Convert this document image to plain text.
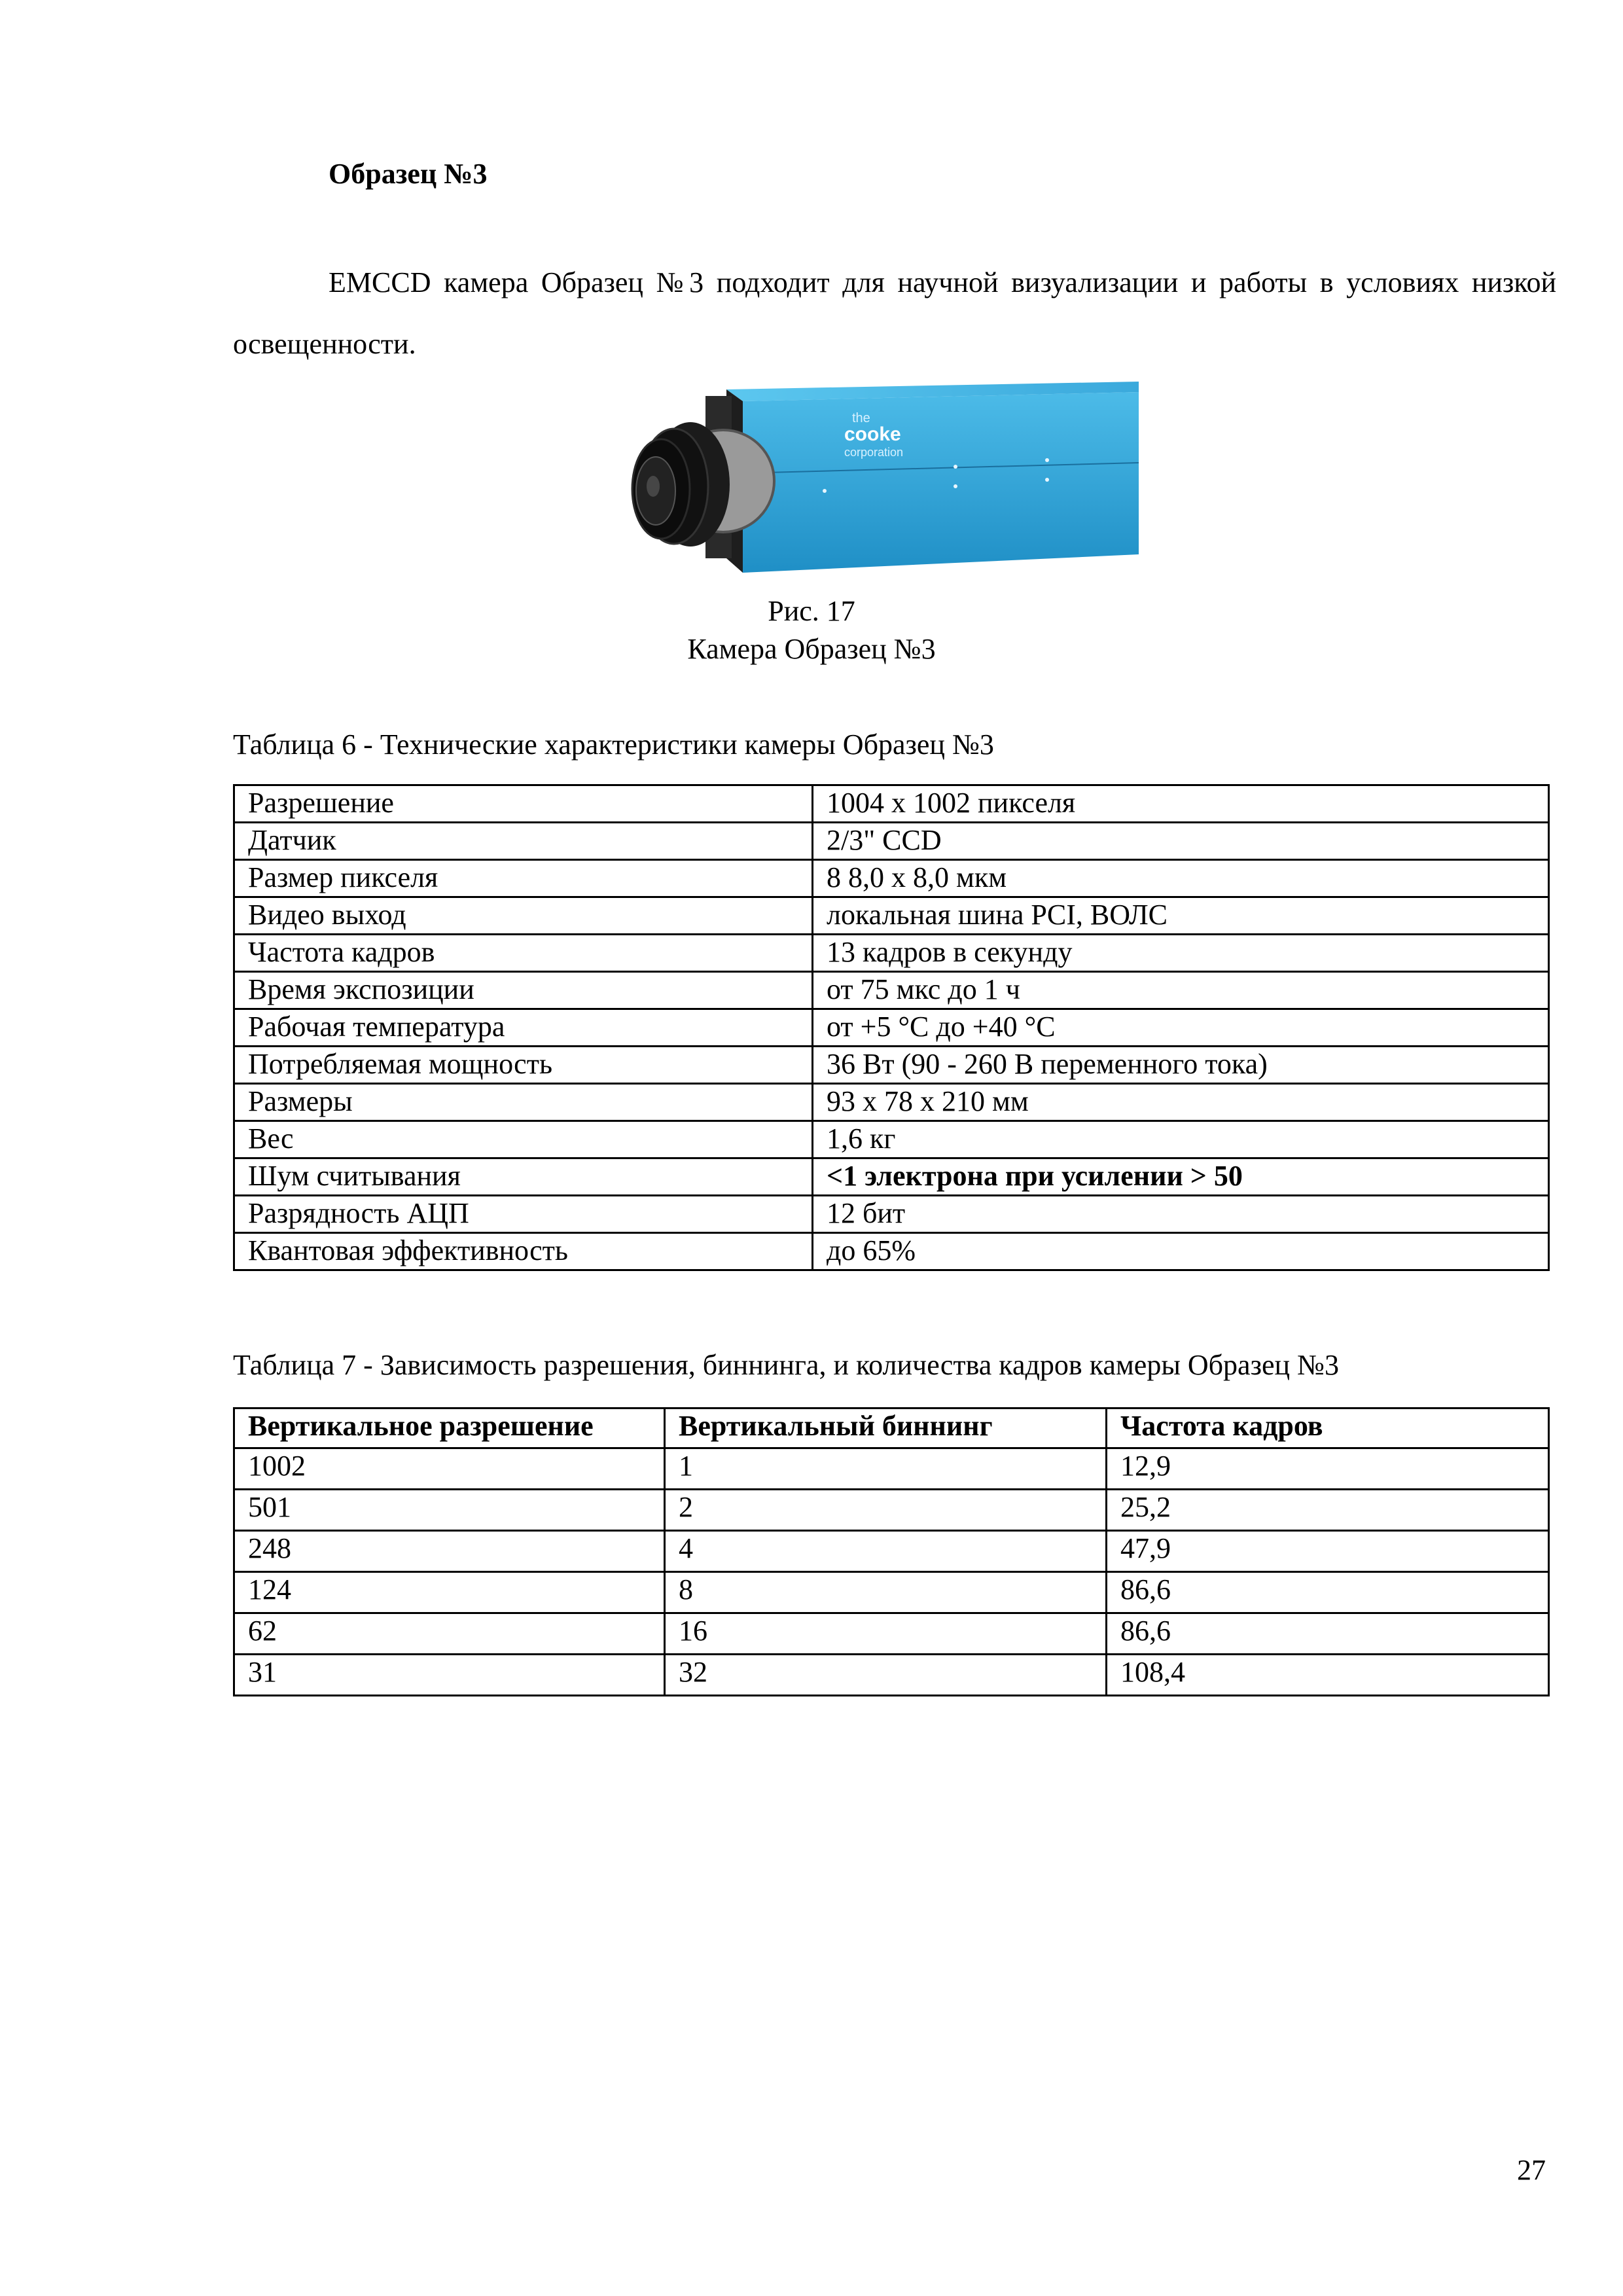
Образец №3

EMCCD камера Образец №3 подходит для научной визуализации и работы в условиях низкой освещенности.

the
cooke
corporation

Рис. 17

Камера Образец №3

Таблица 6 - Технические характеристики камеры Образец №3

Разрешение	1004 x 1002 пикселя
Датчик	2/3" CCD
Размер пикселя	8 8,0 x 8,0 мкм
Видео выход	локальная шина PCI, ВОЛС
Частота кадров	13 кадров в секунду
Время экспозиции	от 75 мкс до 1 ч
Рабочая температура	от +5 °С до +40 °С
Потребляемая мощность	36 Вт (90 - 260 В переменного тока)
Размеры	93 x 78 x 210 мм
Вес	1,6 кг
Шум считывания	<1 электрона при усилении > 50
Разрядность АЦП	12 бит
Квантовая эффективность	до 65%

Таблица 7 - Зависимость разрешения, биннинга, и количества кадров камеры Образец №3

Вертикальное разрешение	Вертикальный биннинг	Частота кадров
1002	1	12,9
501	2	25,2
248	4	47,9
124	8	86,6
62	16	86,6
31	32	108,4

27
